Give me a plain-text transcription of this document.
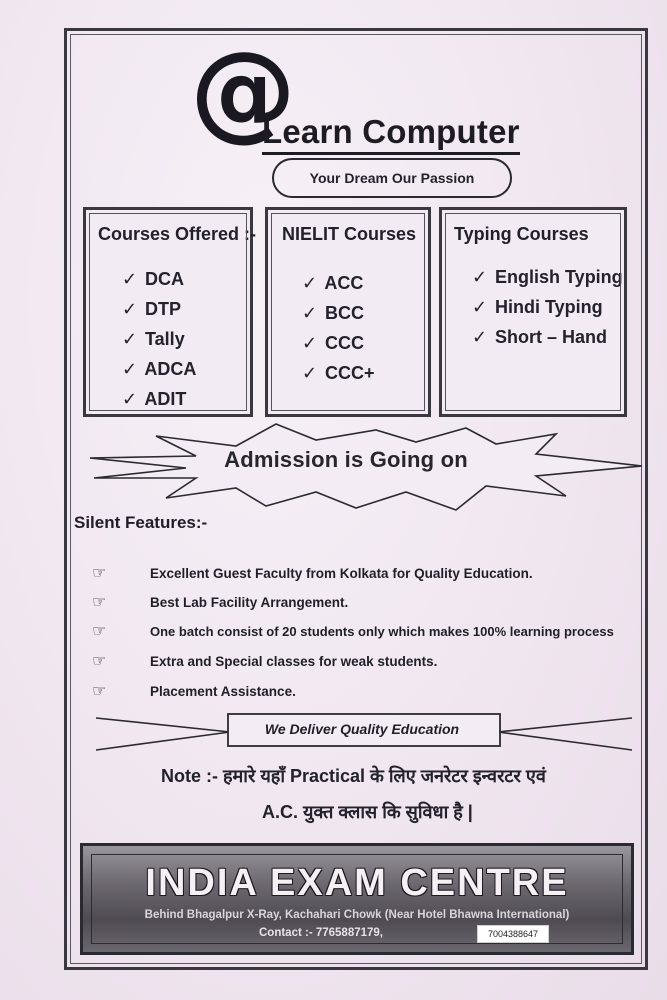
@
Learn Computer
Your Dream Our Passion
Courses Offered :-
✓ DCA
✓ DTP
✓ Tally
✓ ADCA
✓ ADIT
NIELIT Courses
✓ ACC
✓ BCC
✓ CCC
✓ CCC+
Typing Courses
✓ English Typing
✓ Hindi Typing
✓ Short – Hand
Admission is Going on
Silent Features:-
☞	Excellent Guest Faculty from Kolkata for Quality Education.
☞	Best Lab Facility Arrangement.
☞	One batch consist of 20 students only which makes 100% learning process
☞	Extra and Special classes for weak students.
☞	Placement Assistance.
We Deliver Quality Education
Note :- हमारे यहाँ Practical के लिए जनरेटर इन्वरटर एवं
A.C. युक्त क्लास कि सुविधा है |
INDIA EXAM CENTRE
Behind Bhagalpur X-Ray, Kachahari Chowk (Near Hotel Bhawna International)
Contact :- 7765887179,	7004388647
